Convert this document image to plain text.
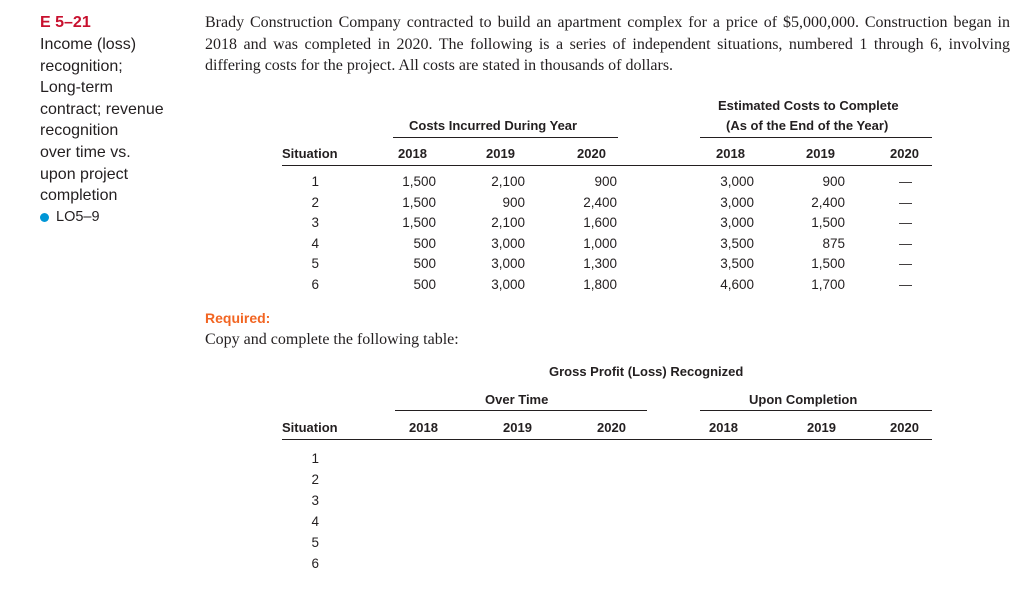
E 5–21
Income (loss)
recognition;
Long-term
contract; revenue
recognition
over time vs.
upon project
completion
LO5–9
Brady Construction Company contracted to build an apartment complex for a price of $5,000,000. Construction began in 2018 and was completed in 2020. The following is a series of independent situations, numbered 1 through 6, involving differing costs for the project. All costs are stated in thousands of dollars.
Costs Incurred During Year
Estimated Costs to Complete
(As of the End of the Year)
Situation	2018	2019	2020	2018	2019	2020
1	1,500	2,100	900	3,000	900	—
2	1,500	900	2,400	3,000	2,400	—
3	1,500	2,100	1,600	3,000	1,500	—
4	500	3,000	1,000	3,500	875	—
5	500	3,000	1,300	3,500	1,500	—
6	500	3,000	1,800	4,600	1,700	—
Required:
Copy and complete the following table:
Gross Profit (Loss) Recognized
Over Time	Upon Completion
Situation	2018	2019	2020	2018	2019	2020
1
2
3
4
5
6
